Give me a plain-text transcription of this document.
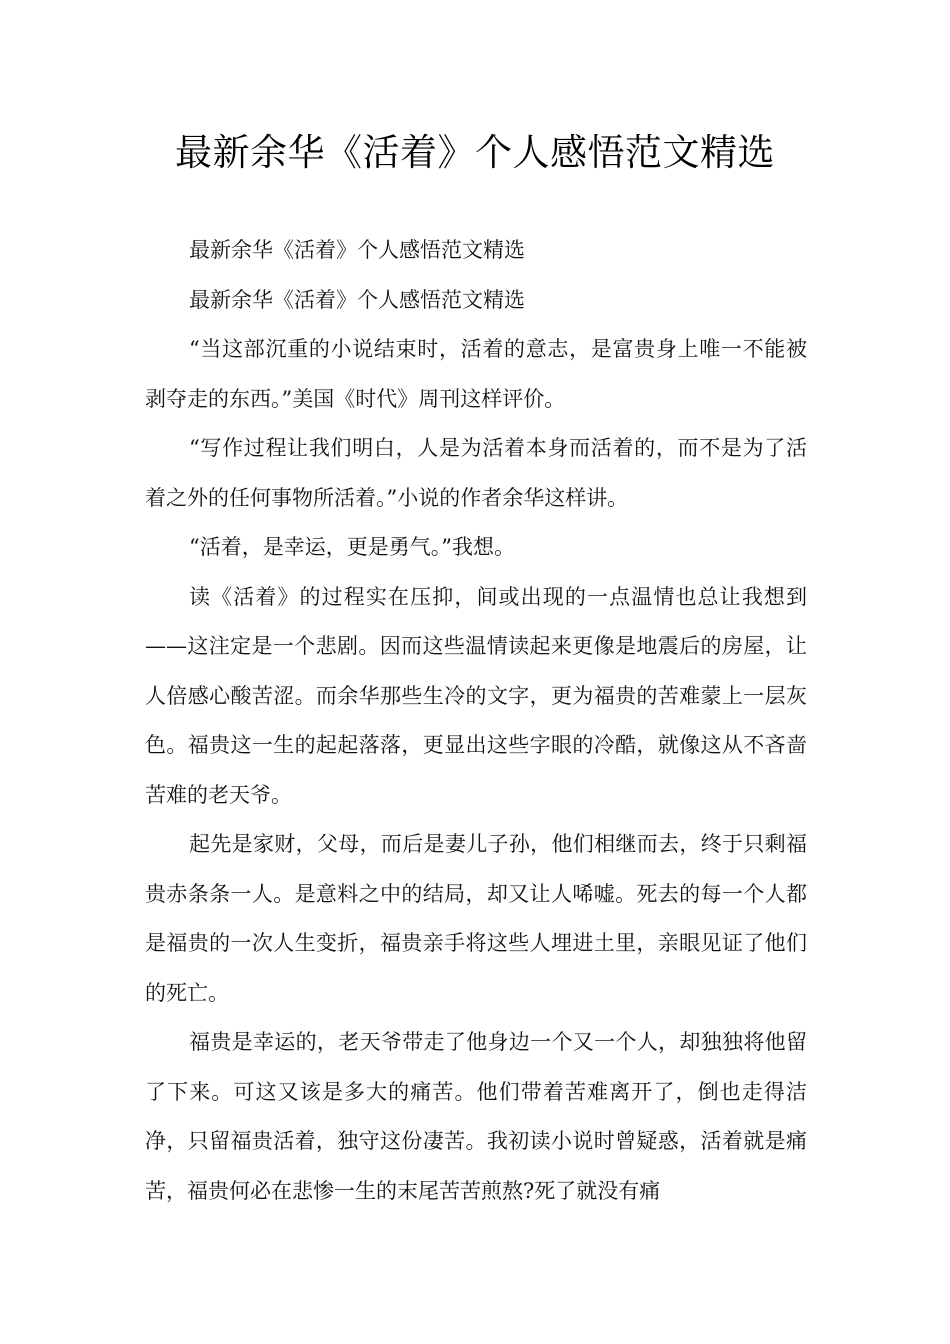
最新余华《活着》个人感悟范文精选

最新余华《活着》个人感悟范文精选

最新余华《活着》个人感悟范文精选

“当这部沉重的小说结束时，活着的意志，是富贵身上唯一不能被剥夺走的东西。”美国《时代》周刊这样评价。

“写作过程让我们明白，人是为活着本身而活着的，而不是为了活着之外的任何事物所活着。”小说的作者余华这样讲。

“活着，是幸运，更是勇气。”我想。

读《活着》的过程实在压抑，间或出现的一点温情也总让我想到——这注定是一个悲剧。因而这些温情读起来更像是地震后的房屋，让人倍感心酸苦涩。而余华那些生冷的文字，更为福贵的苦难蒙上一层灰色。福贵这一生的起起落落，更显出这些字眼的冷酷，就像这从不吝啬苦难的老天爷。

起先是家财，父母，而后是妻儿子孙，他们相继而去，终于只剩福贵赤条条一人。是意料之中的结局，却又让人唏嘘。死去的每一个人都是福贵的一次人生变折，福贵亲手将这些人埋进土里，亲眼见证了他们的死亡。

福贵是幸运的，老天爷带走了他身边一个又一个人，却独独将他留了下来。可这又该是多大的痛苦。他们带着苦难离开了，倒也走得洁净，只留福贵活着，独守这份凄苦。我初读小说时曾疑惑，活着就是痛苦，福贵何必在悲惨一生的末尾苦苦煎熬?死了就没有痛
